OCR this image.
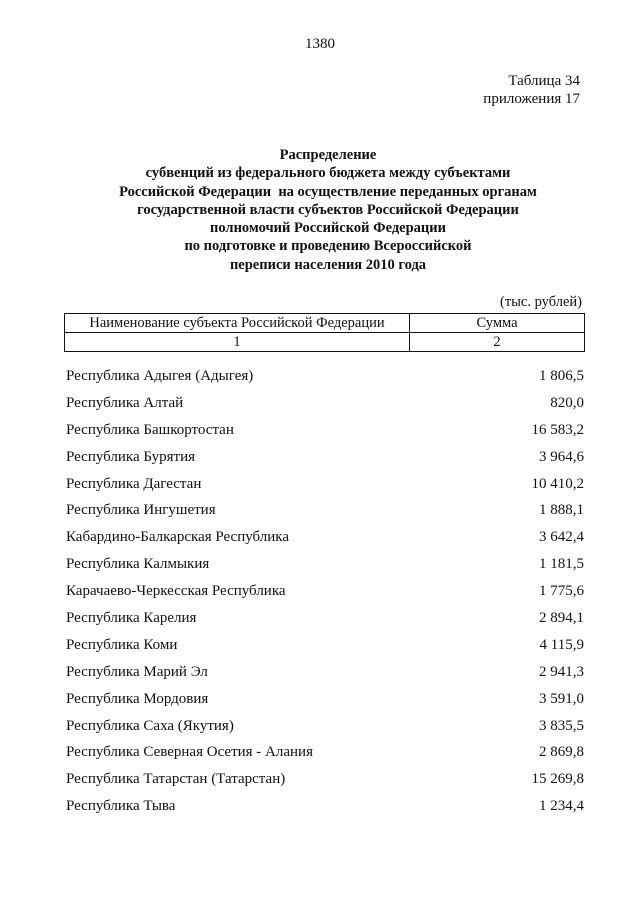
1380
Таблица 34
приложения 17
Распределение
субвенций из федерального бюджета между субъектами
Российской Федерации  на осуществление переданных органам
государственной власти субъектов Российской Федерации
полномочий Российской Федерации
по подготовке и проведению Всероссийской
переписи населения 2010 года
(тыс. рублей)
Наименование субъекта Российской Федерации	Сумма
1	2
Республика Адыгея (Адыгея)	1 806,5
Республика Алтай	820,0
Республика Башкортостан	16 583,2
Республика Бурятия	3 964,6
Республика Дагестан	10 410,2
Республика Ингушетия	1 888,1
Кабардино-Балкарская Республика	3 642,4
Республика Калмыкия	1 181,5
Карачаево-Черкесская Республика	1 775,6
Республика Карелия	2 894,1
Республика Коми	4 115,9
Республика Марий Эл	2 941,3
Республика Мордовия	3 591,0
Республика Саха (Якутия)	3 835,5
Республика Северная Осетия - Алания	2 869,8
Республика Татарстан (Татарстан)	15 269,8
Республика Тыва	1 234,4
